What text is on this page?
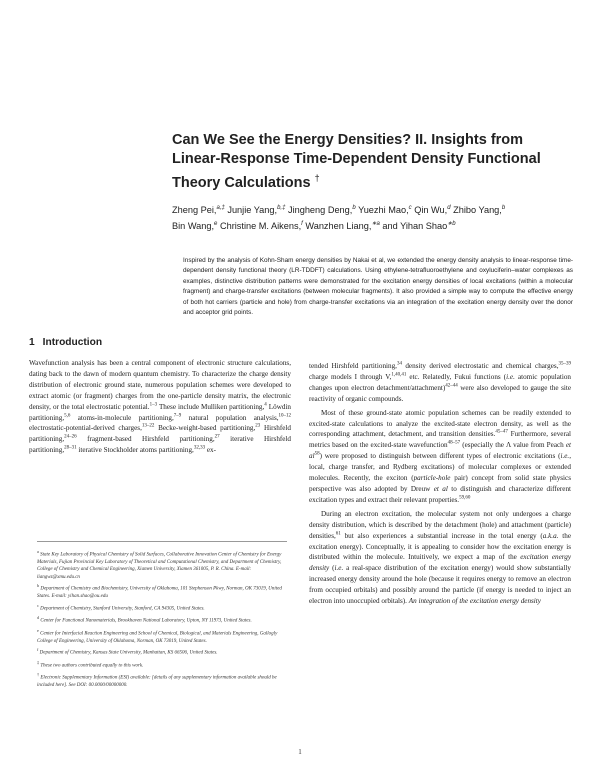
Can We See the Energy Densities? II. Insights from Linear-Response Time-Dependent Density Functional Theory Calculations †
Zheng Pei,$^{a,\ddagger}$ Junjie Yang,$^{b,\ddagger}$ Jingheng Deng,$^b$ Yuezhi Mao,$^c$ Qin Wu,$^d$ Zhibo Yang,$^b$
Bin Wang,$^e$ Christine M. Aikens,$^f$ Wanzhen Liang,$^{∗a}$ and Yihan Shao$^{∗b}$

Inspired by the analysis of Kohn-Sham energy densities by Nakai et al, we extended the energy density analysis to linear-response time-dependent density functional theory (LR-TDDFT) calculations. Using ethylene-tetrafluoroethylene and oxyluciferin–water complexes as examples, distinctive distribution patterns were demonstrated for the excitation energy densities of local excitations (within a molecular fragment) and charge-transfer excitations (between molecular fragments). It also provided a simple way to compute the effective energy of both hot carriers (particle and hole) from charge-transfer excitations via an integration of the excitation energy density over the donor and acceptor grid points.

1 Introduction

Wavefunction analysis has been a central component of electronic structure calculations, dating back to the dawn of modern quantum chemistry. To characterize the charge density distribution of electronic ground state, numerous population schemes were developed to extract atomic (or fragment) charges from the one-particle density matrix, the electronic density, or the total electrostatic potential.$^{1-3}$ These include Mulliken partitioning,$^4$ Löwdin partitioning,$^{5,6}$ atoms-in-molecule partitioning,$^{7-9}$ natural population analysis,$^{10-12}$ electrostatic-potential-derived charges,$^{13-22}$ Becke-weight-based partitioning,$^{23}$ Hirshfeld partitioning,$^{24-26}$ fragment-based Hirshfeld partitioning,$^{27}$ iterative Hirshfeld partitioning,$^{28-31}$ iterative Stockholder atoms partitioning,$^{32,33}$ ex-

$^a$ State Key Laboratory of Physical Chemistry of Solid Surfaces, Collaborative Innovation Center of Chemistry for Energy Materials, Fujian Provincial Key Laboratory of Theoretical and Computational Chemistry, and Department of Chemistry, College of Chemistry and Chemical Engineering, Xiamen University, Xiamen 361005, P. R. China. E-mail: liangwz@xmu.edu.cn
$^b$ Department of Chemistry and Biochemistry, University of Oklahoma, 101 Stephenson Pkwy, Norman, OK 73019, United States. E-mail: yihan.shao@ou.edu
$^c$ Department of Chemistry, Stanford University, Stanford, CA 94305, United States.
$^d$ Center for Functional Nanomaterials, Brookhaven National Laboratory, Upton, NY 11973, United States.
$^e$ Center for Interfacial Reaction Engineering and School of Chemical, Biological, and Materials Engineering, Gallogly College of Engineering, University of Oklahoma, Norman, OK 73019, United States.
$^f$ Department of Chemistry, Kansas State University, Manhattan, KS 66506, United States.
‡ These two authors contributed equally to this work.
† Electronic Supplementary Information (ESI) available: [details of any supplementary information available should be included here]. See DOI: 00.0000/00000000.

tended Hirshfeld partitioning,$^{34}$ density derived electrostatic and chemical charges,$^{35-39}$ charge models I through V,$^{1,40,41}$ etc. Relatedly, Fukui functions (i.e. atomic population changes upon electron detachment/attachment)$^{42-44}$ were also developed to gauge the site reactivity of organic compounds.

Most of these ground-state atomic population schemes can be readily extended to excited-state calculations to analyze the excited-state electron density, as well as the corresponding attachment, detachment, and transition densities.$^{45-47}$ Furthermore, several metrics based on the excited-state wavefunction$^{48-57}$ (especially the Λ value from Peach et $al^{58}$) were proposed to distinguish between different types of electronic excitations (i.e., local, charge transfer, and Rydberg excitations) of molecular complexes or extended molecules. Recently, the exciton (particle-hole pair) concept from solid state physics perspective was also adopted by Dreuw et al to distinguish and characterize different excitation types and extract their relevant properties.$^{59,60}$

During an electron excitation, the molecular system not only undergoes a charge density distribution, which is described by the detachment (hole) and attachment (particle) densities,$^{61}$ but also experiences a substantial increase in the total energy (a.k.a. the excitation energy). Conceptually, it is appealing to consider how the excitation energy is distributed within the molecule. Intuitively, we expect a map of the excitation energy density (i.e. a real-space distribution of the excitation energy) would show substantially increased energy density around the hole (because it requires energy to remove an electron from occupied orbitals) and possibly around the particle (if energy is needed to inject an electron into unoccupied orbitals). An integration of the excitation energy density

1
